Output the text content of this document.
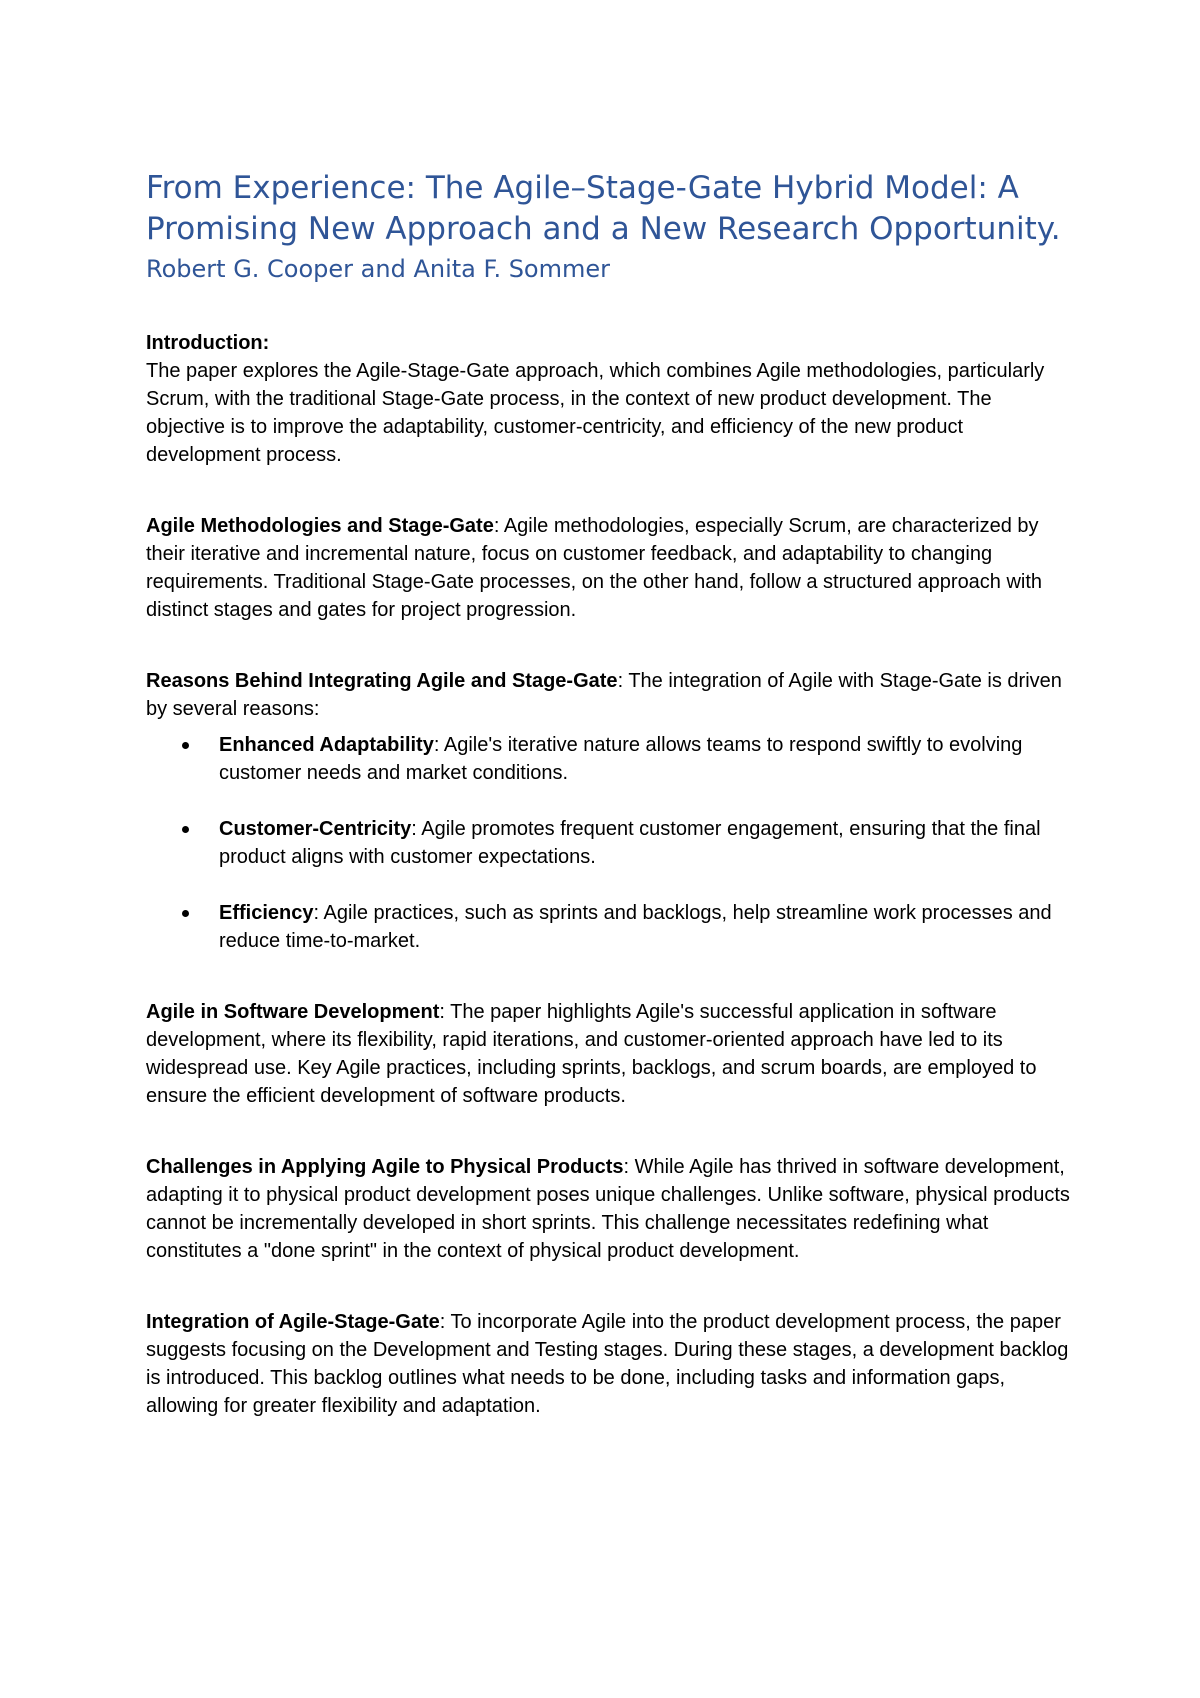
From Experience: The Agile–Stage-Gate Hybrid Model: A Promising New Approach and a New Research Opportunity.

Robert G. Cooper and Anita F. Sommer

Introduction:

The paper explores the Agile-Stage-Gate approach, which combines Agile methodologies, particularly Scrum, with the traditional Stage-Gate process, in the context of new product development. The objective is to improve the adaptability, customer-centricity, and efficiency of the new product development process.

Agile Methodologies and Stage-Gate: Agile methodologies, especially Scrum, are characterized by their iterative and incremental nature, focus on customer feedback, and adaptability to changing requirements. Traditional Stage-Gate processes, on the other hand, follow a structured approach with distinct stages and gates for project progression.

Reasons Behind Integrating Agile and Stage-Gate: The integration of Agile with Stage-Gate is driven by several reasons:

Enhanced Adaptability: Agile's iterative nature allows teams to respond swiftly to evolving customer needs and market conditions.
Customer-Centricity: Agile promotes frequent customer engagement, ensuring that the final product aligns with customer expectations.
Efficiency: Agile practices, such as sprints and backlogs, help streamline work processes and reduce time-to-market.

Agile in Software Development: The paper highlights Agile's successful application in software development, where its flexibility, rapid iterations, and customer-oriented approach have led to its widespread use. Key Agile practices, including sprints, backlogs, and scrum boards, are employed to ensure the efficient development of software products.

Challenges in Applying Agile to Physical Products: While Agile has thrived in software development, adapting it to physical product development poses unique challenges. Unlike software, physical products cannot be incrementally developed in short sprints. This challenge necessitates redefining what constitutes a "done sprint" in the context of physical product development.

Integration of Agile-Stage-Gate: To incorporate Agile into the product development process, the paper suggests focusing on the Development and Testing stages. During these stages, a development backlog is introduced. This backlog outlines what needs to be done, including tasks and information gaps, allowing for greater flexibility and adaptation.
